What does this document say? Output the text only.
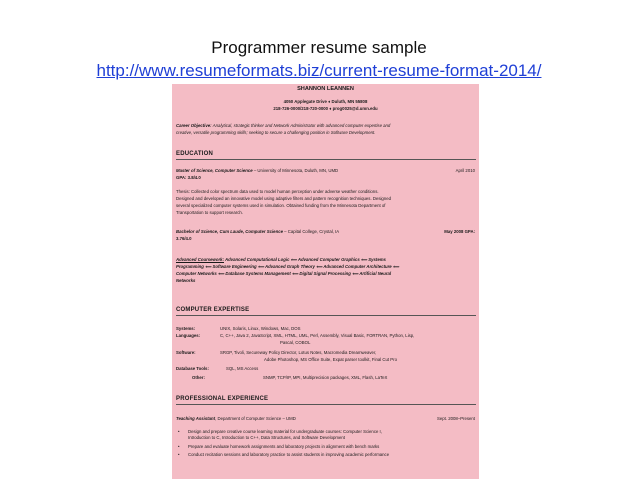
Programmer resume sample
http://www.resumeformats.biz/current-resume-format-2014/
SHANNON LEANNEN
4050 Applegate Drive ♦ Duluth, MN 55808
218-726-0000/218-720-0000 ♦ prog0025@d.umn.edu
Career Objective: Analytical, strategic thinker and Network Administrator with advanced computer expertise and
creative, versatile programming skills; seeking to secure a challenging position in Software Development.
EDUCATION
Master of Science, Computer Science – University of Minnesota, Duluth, MN, UMD	April 2010
GPA: 3.8/4.0
Thesis: Collected color spectrum data used to model human perception under adverse weather conditions.
Designed and developed an innovative model using adaptive filters and pattern recognition techniques. Designed
several specialized computer systems used in simulation. Obtained funding from the Minnesota Department of
Transportation to support research.
Bachelor of Science, Cum Laude, Computer Science – Capital College, Crystal, IA	May 2008 GPA:
3.76/4.0
Advanced Coursework: Advanced Computational Logic ⟸ Advanced Computer Graphics ⟸ Systems
Programming ⟸ Software Engineering ⟸ Advanced Graph Theory ⟸ Advanced Computer Architecture ⟸
Computer Networks ⟸ Database Systems Management ⟸ Digital Signal Processing ⟸ Artificial Neural
Networks
COMPUTER EXPERTISE
Systems:	UNIX, Solaris, Linux, Windows, Mac, DOS
Languages:	C, C++, Java 2, JavaScript, XML, HTML, UML, Perl, Assembly, Visual Basic, FORTRAN, Python, Lisp,
Pascal, COBOL
Software:	SRGP, Tivoli, Secureway Policy Director, Lotus Notes, Macromedia Dreamweaver,
Adobe Photoshop, MS Office Suite, Expat parser toolkit, Final Cut Pro
Database Tools:	SQL, MS Access
Other:	SNMP, TCP/IP, MPI, Multiprecision packages, XML, Flash, LaTeX
PROFESSIONAL EXPERIENCE
Teaching Assistant, Department of Computer Science – UMD	Sept. 2008–Present
• Design and prepare creative course learning material for undergraduate courses: Computer Science I,
Introduction to C, Introduction to C++, Data Structures, and Software Development
• Prepare and evaluate homework assignments and laboratory projects in alignment with bench marks
• Conduct recitation sessions and laboratory practice to assist students in improving academic performance
